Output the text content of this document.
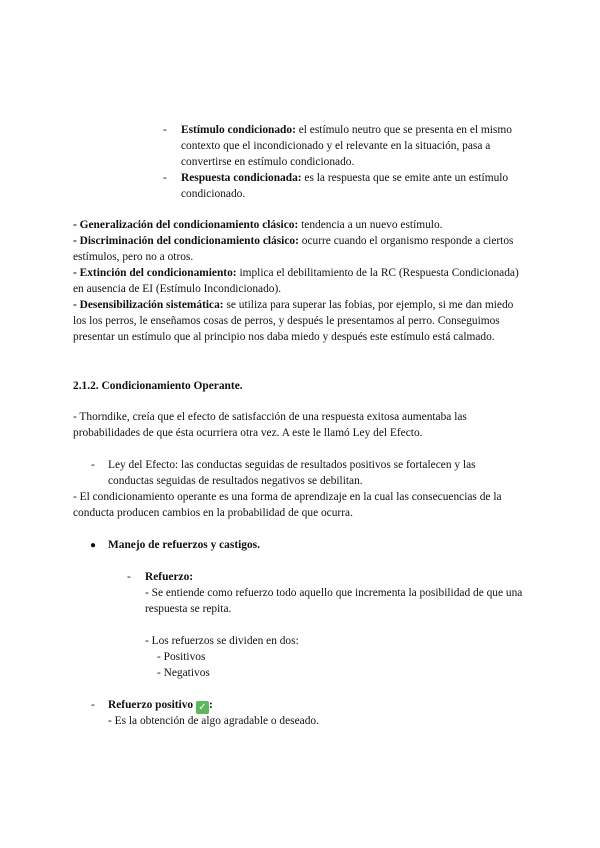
- Estímulo condicionado: el estímulo neutro que se presenta en el mismo contexto que el incondicionado y el relevante en la situación, pasa a convertirse en estímulo condicionado.

- Respuesta condicionada: es la respuesta que se emite ante un estímulo condicionado.

- Generalización del condicionamiento clásico: tendencia a un nuevo estímulo.

- Discriminación del condicionamiento clásico: ocurre cuando el organismo responde a ciertos estímulos, pero no a otros.

- Extinción del condicionamiento: implica el debilitamiento de la RC (Respuesta Condicionada) en ausencia de EI (Estímulo Incondicionado).

- Desensibilización sistemática: se utiliza para superar las fobias, por ejemplo, si me dan miedo los los perros, le enseñamos cosas de perros, y después le presentamos al perro. Conseguimos presentar un estímulo que al principio nos daba miedo y después este estímulo está calmado.

2.1.2. Condicionamiento Operante.

- Thorndike, creía que el efecto de satisfacción de una respuesta exitosa aumentaba las probabilidades de que ésta ocurriera otra vez. A este le llamó Ley del Efecto.

- Ley del Efecto: las conductas seguidas de resultados positivos se fortalecen y las conductas seguidas de resultados negativos se debilitan.

- El condicionamiento operante es una forma de aprendizaje en la cual las consecuencias de la conducta producen cambios en la probabilidad de que ocurra.

● Manejo de refuerzos y castigos.

- Refuerzo:

- Se entiende como refuerzo todo aquello que incrementa la posibilidad de que una respuesta se repita.

- Los refuerzos se dividen en dos:

- Positivos

- Negativos

- Refuerzo positivo ✓ :

- Es la obtención de algo agradable o deseado.
